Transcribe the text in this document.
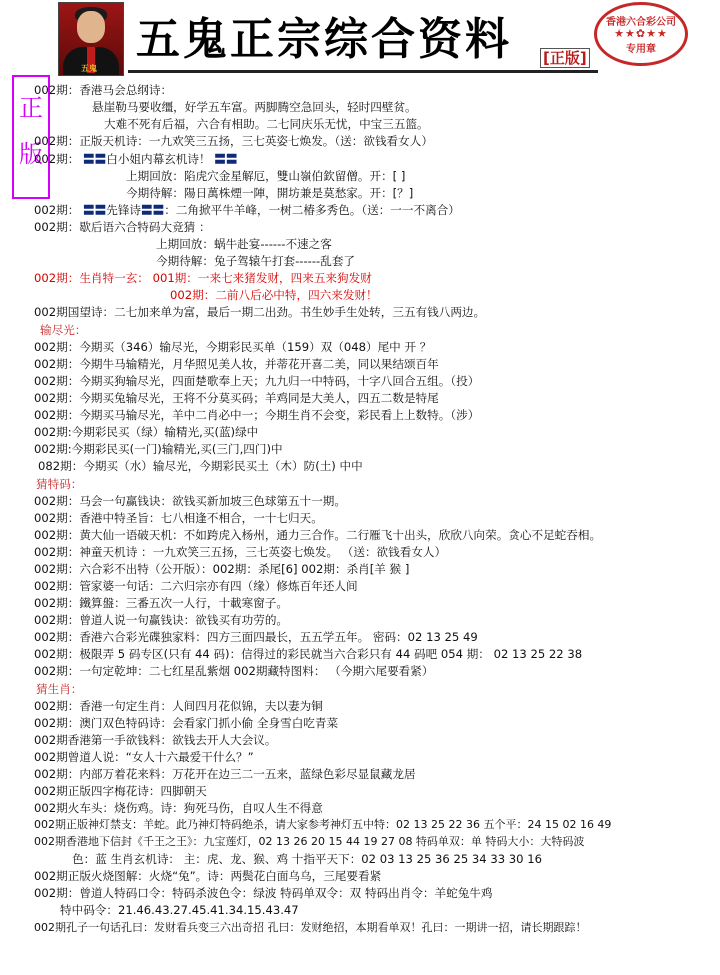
五鬼
五鬼正宗综合资料 [正版]
香港六合彩公司
★★✿★★
专用章
正
版
002期：香港马会总纲诗：
悬崖勒马要收缰，好学五车富。两脚腾空急回头，轻时四壁贫。
大难不死有后福，六合有相助。二七同庆乐无忧，中宝三五篮。
002期：正版天机诗：一九欢笑三五扬，三七英姿七焕发。（送：欲钱看女人）
002期： 〓〓白小姐内幕玄机诗！ 〓〓
上期回放：陷虎穴金星解厄，雙山嶺伯欽留僧。开：[ ]
今期待解：陽日萬株煙一陣，開坊兼是莫愁家。开：[？]
002期： 〓〓先锋诗〓〓：二角掀平牛羊峰，一树二椿多秀色。（送：一一不离合）
002期：歇后语六合特码大竞猜 ：
上期回放：蜗牛赴宴------不速之客
今期待解：兔子驾辕午打套------乱套了
002期：生肖特一玄： 001期：一来七来猪发财，四来五来狗发财
002期：二前八后必中特，四六来发财！
002期国望诗：二七加来单为富，最后一期二出劲。书生妙手生处转，三五有钱八两边。
输尽光：
002期：今期买（346）输尽光，今期彩民买单（159）双（048）尾中 开 ？
002期：今期牛马输精光，月华照见美人妆，并蒂花开喜二美，同以果结颂百年
002期：今期买狗输尽光，四面楚歌奉上天；九九归一中特码，十字八回合五组。（投）
002期：今期买兔输尽光，王将不分莫买码；羊鸡同是大美人，四五二数是特尾
002期：今期买马输尽光，羊中二肖必中一；今期生肖不会变，彩民看上上数特。（涉）
002期:今期彩民买（绿）输精光,买(蓝)绿中
002期:今期彩民买(一门)输精光,买(三门,四门)中
082期：今期买（水）输尽光，今期彩民买土（木）防(土) 中中
猜特码：
002期：马会一句赢钱诀：欲钱买新加坡三色球第五十一期。
002期：香港中特圣旨：七八相逢不相合，一十七归天。
002期：黄大仙一语破天机：不如跨虎入杨州，通力三合作。二行雁飞十出头，欣欣八向荣。贪心不足蛇吞相。
002期：神童天机诗 ：一九欢笑三五扬，三七英姿七焕发。 （送：欲钱看女人）
002期：六合彩不出特（公开版）：002期：杀尾[6] 002期：杀肖[羊 猴 ]
002期：管家婆一句话：二六归宗亦有四（缘）修炼百年还人间
002期：鐵算盤：三番五次一人行，十載寒窗子。
002期：曾道人说一句赢钱诀：欲钱买有功劳的。
002期：香港六合彩光碟独家料：四方三面四最长，五五学五年。 密码：02 13 25 49
002期：极限弄 5 码专区(只有 44 码)：信得过的彩民就当六合彩只有 44 码吧 054 期： 02 13 25 22 38
002期：一句定乾坤：二七红星乱紫烟 002期藏特图料： （今期六尾要看紧）
猜生肖：
002期：香港一句定生肖：人间四月花似锦，夫以妻为铜
002期：澳门双色特码诗：会看家门抓小偷 全身雪白吃青菜
002期香港第一手欲钱料：欲钱去开人大会议。
002期曾道人说：“女人十六最爱干什么？”
002期：内部万着花来料：万花开在边三二一五来，蓝绿色彩尽显鼠藏龙居
002期正版四字梅花诗：四脚朝天
002期火车头：烧伤鸡。诗：狗死马伤，自叹人生不得意
002期正版神灯禁支：羊蛇。此乃神灯特码绝杀，请大家参考神灯五中特：02 13 25 22 36 五个平：24 15 02 16 49
002期香港地下信封《千王之王》：九宝莲灯，02 13 26 20 15 44 19 27 08 特码单双：单 特码大小：大特码波
色：蓝 生肖玄机诗： 主：虎、龙、猴、鸡 十指平天下：02 03 13 25 36 25 34 33 30 16
002期正版火烧图解：火烧“兔”。诗：两鬓花白面乌乌，三尾要看紧
002期：曾道人特码口令：特码杀波色令：绿波 特码单双令：双 特码出肖令：羊蛇兔牛鸡
特中码令：21.46.43.27.45.41.34.15.43.47
002期孔子一句话孔曰：发财看兵变三六出奇招 孔曰：发财绝招，本期看单双！孔曰：一期讲一招，请长期跟踪！
